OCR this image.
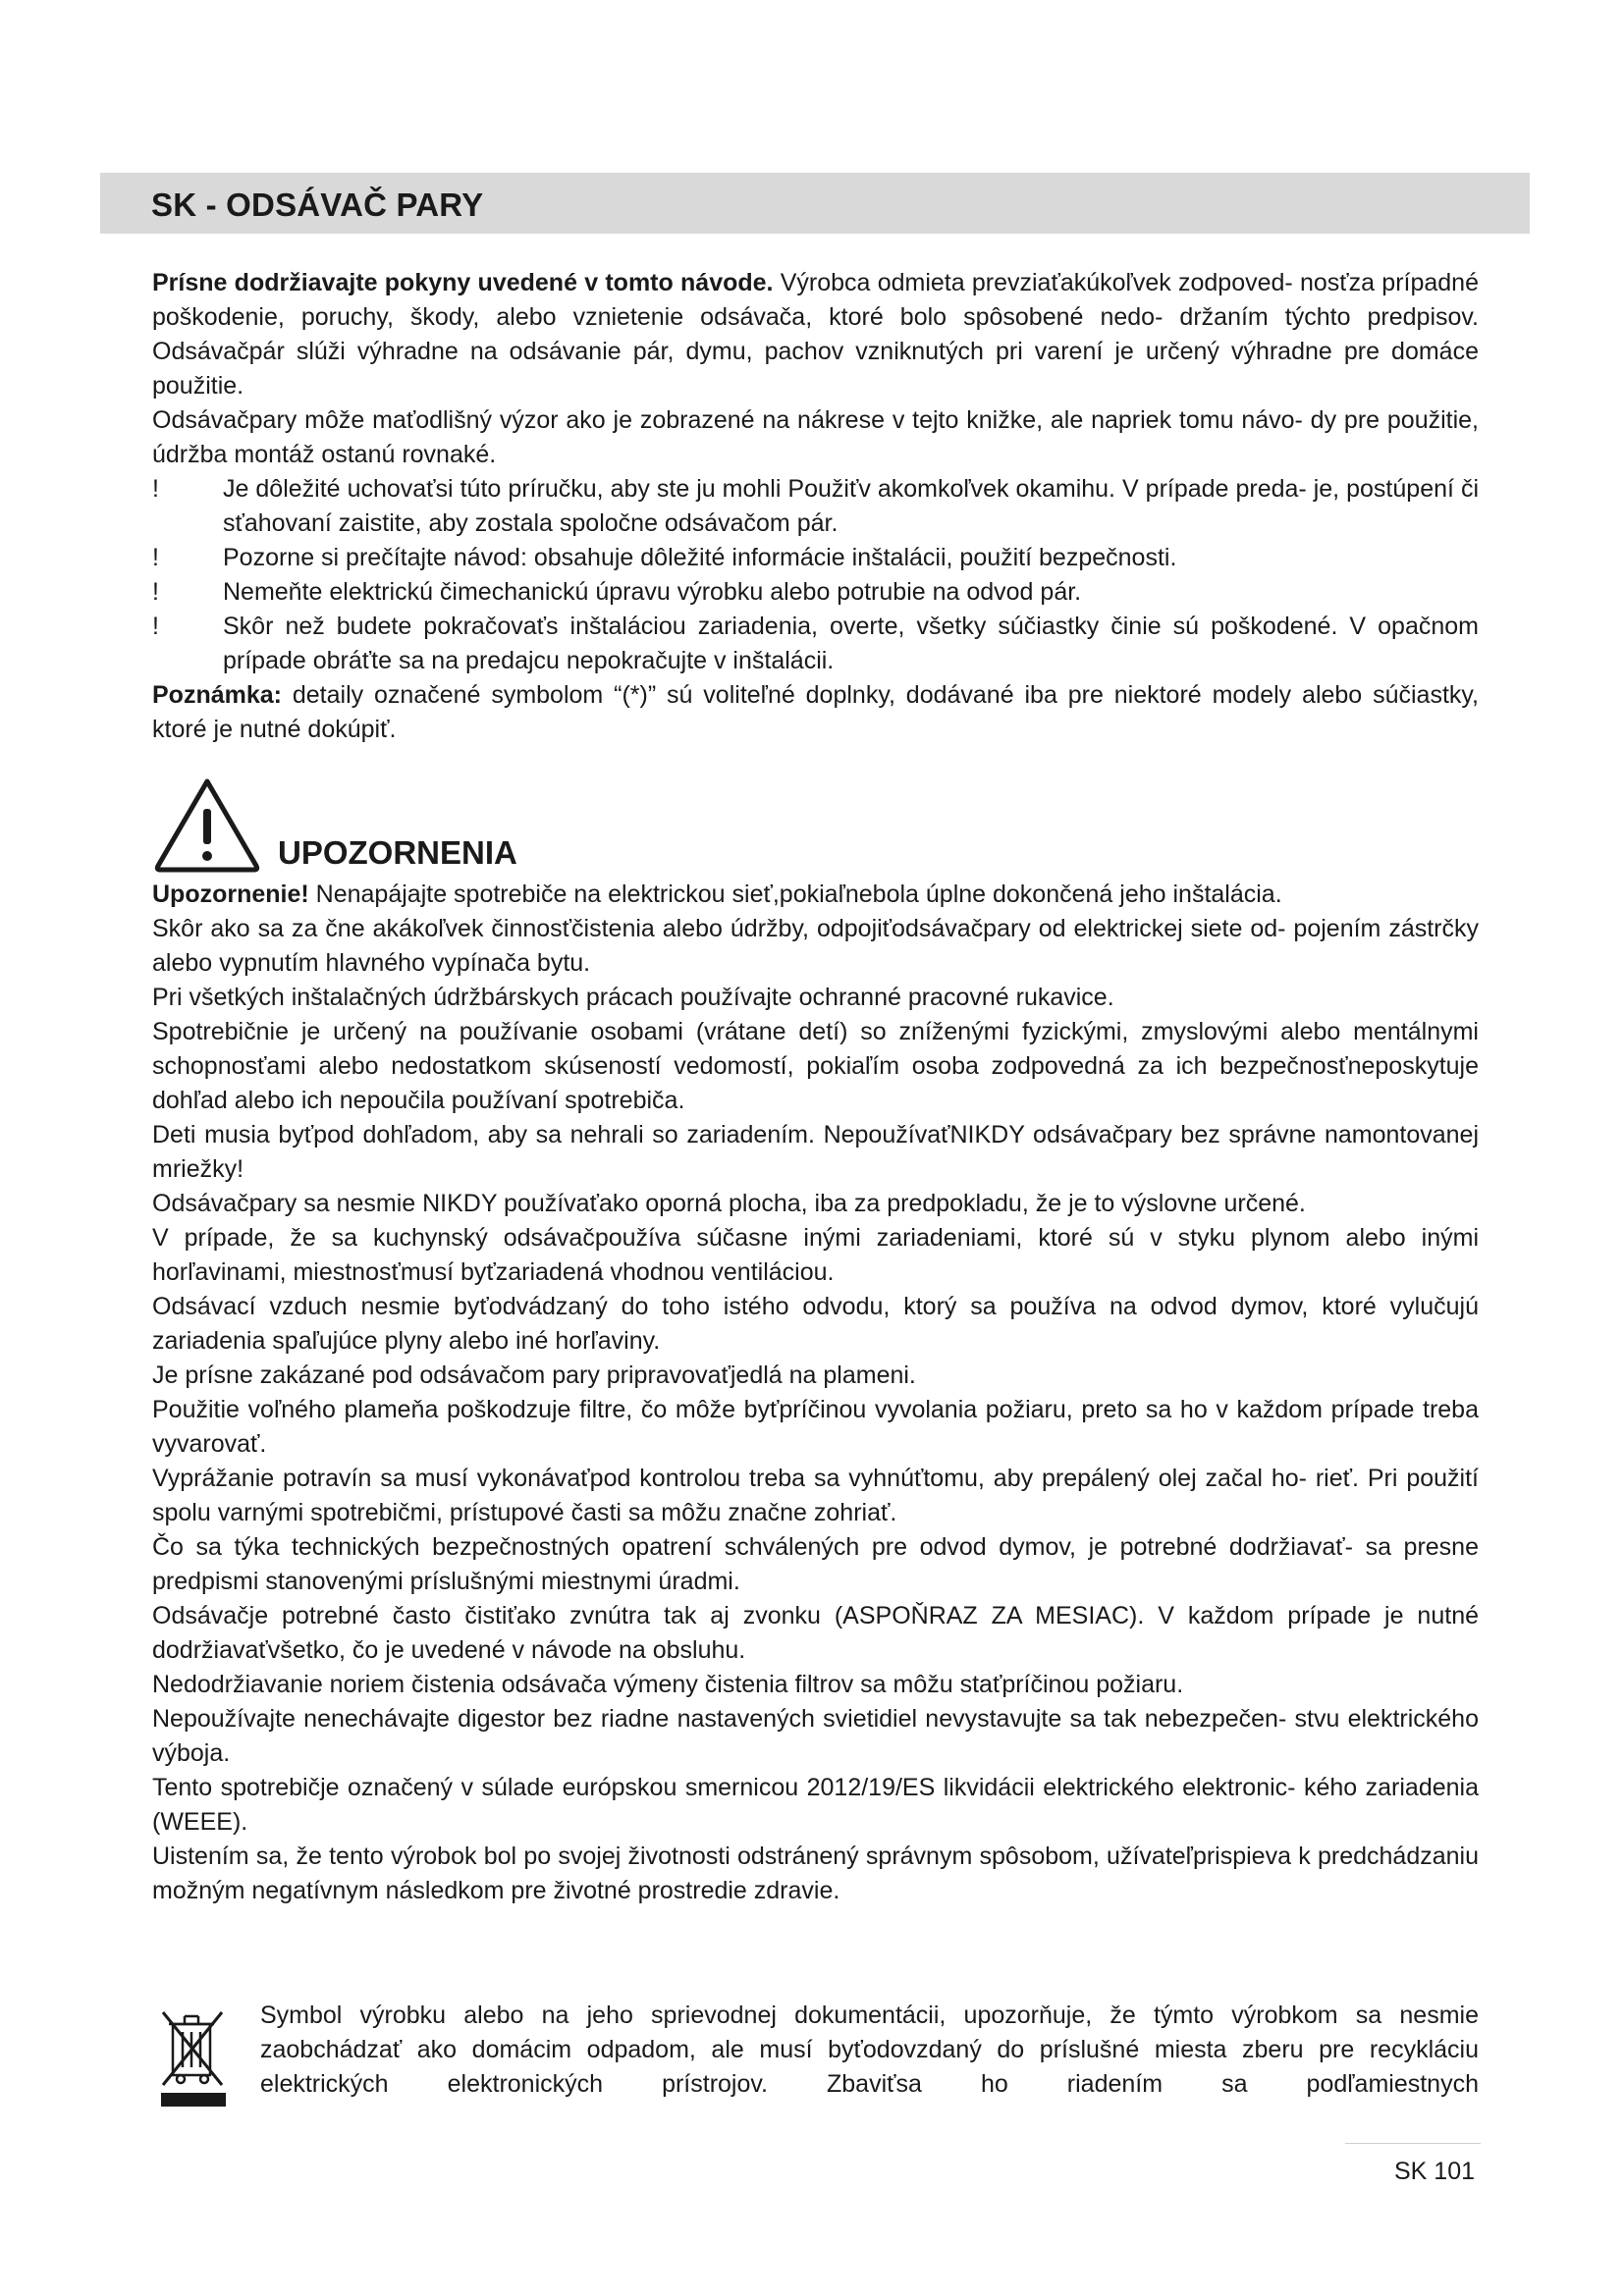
SK - ODSÁVAČ PARY

Prísne dodržiavajte pokyny uvedené v tomto návode. Výrobca odmieta prevziaťakúkoľvek zodpoved- nosťza prípadné poškodenie, poruchy, škody, alebo vznietenie odsávača, ktoré bolo spôsobené nedo- držaním týchto predpisov. Odsávačpár slúži výhradne na odsávanie pár, dymu, pachov vzniknutých pri varení je určený výhradne pre domáce použitie.

Odsávačpary môže maťodlišný výzor ako je zobrazené na nákrese v tejto knižke, ale napriek tomu návo- dy pre použitie, údržba montáž ostanú rovnaké.

!	Je dôležité uchovaťsi túto príručku, aby ste ju mohli Použiťv akomkoľvek okamihu. V prípade preda- je, postúpení či sťahovaní zaistite, aby zostala spoločne odsávačom pár.
!	Pozorne si prečítajte návod: obsahuje dôležité informácie inštalácii, použití bezpečnosti.
!	Nemeňte elektrickú čimechanickú úpravu výrobku alebo potrubie na odvod pár.
!	Skôr než budete pokračovaťs inštaláciou zariadenia, overte, všetky súčiastky činie sú poškodené. V opačnom prípade obráťte sa na predajcu nepokračujte v inštalácii.

Poznámka: detaily označené symbolom “(*)” sú voliteľné doplnky, dodávané iba pre niektoré modely alebo súčiastky, ktoré je nutné dokúpiť.

UPOZORNENIA

Upozornenie! Nenapájajte spotrebiče na elektrickou sieť,pokiaľnebola úplne dokončená jeho inštalácia.

Skôr ako sa za čne akákoľvek činnosťčistenia alebo údržby, odpojiťodsávačpary od elektrickej siete od- pojením zástrčky alebo vypnutím hlavného vypínača bytu.

Pri všetkých inštalačných údržbárskych prácach používajte ochranné pracovné rukavice.

Spotrebičnie je určený na používanie osobami (vrátane detí) so zníženými fyzickými, zmyslovými alebo mentálnymi schopnosťami alebo nedostatkom skúseností vedomostí, pokiaľím osoba zodpovedná za ich bezpečnosťneposkytuje dohľad alebo ich nepoučila používaní spotrebiča.

Deti musia byťpod dohľadom, aby sa nehrali so zariadením. NepoužívaťNIKDY odsávačpary bez správne namontovanej mriežky!

Odsávačpary sa nesmie NIKDY používaťako oporná plocha, iba za predpokladu, že je to výslovne určené.

V prípade, že sa kuchynský odsávačpoužíva súčasne inými zariadeniami, ktoré sú v styku plynom alebo inými horľavinami, miestnosťmusí byťzariadená vhodnou ventiláciou.

Odsávací vzduch nesmie byťodvádzaný do toho istého odvodu, ktorý sa používa na odvod dymov, ktoré vylučujú zariadenia spaľujúce plyny alebo iné horľaviny.

Je prísne zakázané pod odsávačom pary pripravovaťjedlá na plameni.

Použitie voľného plameňa poškodzuje filtre, čo môže byťpríčinou vyvolania požiaru, preto sa ho v každom prípade treba vyvarovať.

Vyprážanie potravín sa musí vykonávaťpod kontrolou treba sa vyhnúťtomu, aby prepálený olej začal ho- rieť. Pri použití spolu varnými spotrebičmi, prístupové časti sa môžu značne zohriať.

Čo sa týka technických bezpečnostných opatrení schválených pre odvod dymov, je potrebné dodržiavať- sa presne predpismi stanovenými príslušnými miestnymi úradmi.

Odsávačje potrebné často čistiťako zvnútra tak aj zvonku (ASPOŇRAZ ZA MESIAC). V každom prípade je nutné dodržiavaťvšetko, čo je uvedené v návode na obsluhu.

Nedodržiavanie noriem čistenia odsávača výmeny čistenia filtrov sa môžu staťpríčinou požiaru.

Nepoužívajte nenechávajte digestor bez riadne nastavených svietidiel nevystavujte sa tak nebezpečen- stvu elektrického výboja.

Tento spotrebičje označený v súlade európskou smernicou 2012/19/ES likvidácii elektrického elektronic- kého zariadenia (WEEE).

Uistením sa, že tento výrobok bol po svojej životnosti odstránený správnym spôsobom, užívateľprispieva k predchádzaniu možným negatívnym následkom pre životné prostredie zdravie.

Symbol výrobku alebo na jeho sprievodnej dokumentácii, upozorňuje, že týmto výrobkom sa nesmie zaobchádzať ako domácim odpadom, ale musí byťodovzdaný do príslušné miesta zberu pre recykláciu elektrických elektronických prístrojov. Zbaviťsa ho riadením sa podľamiestnych
SK 101
